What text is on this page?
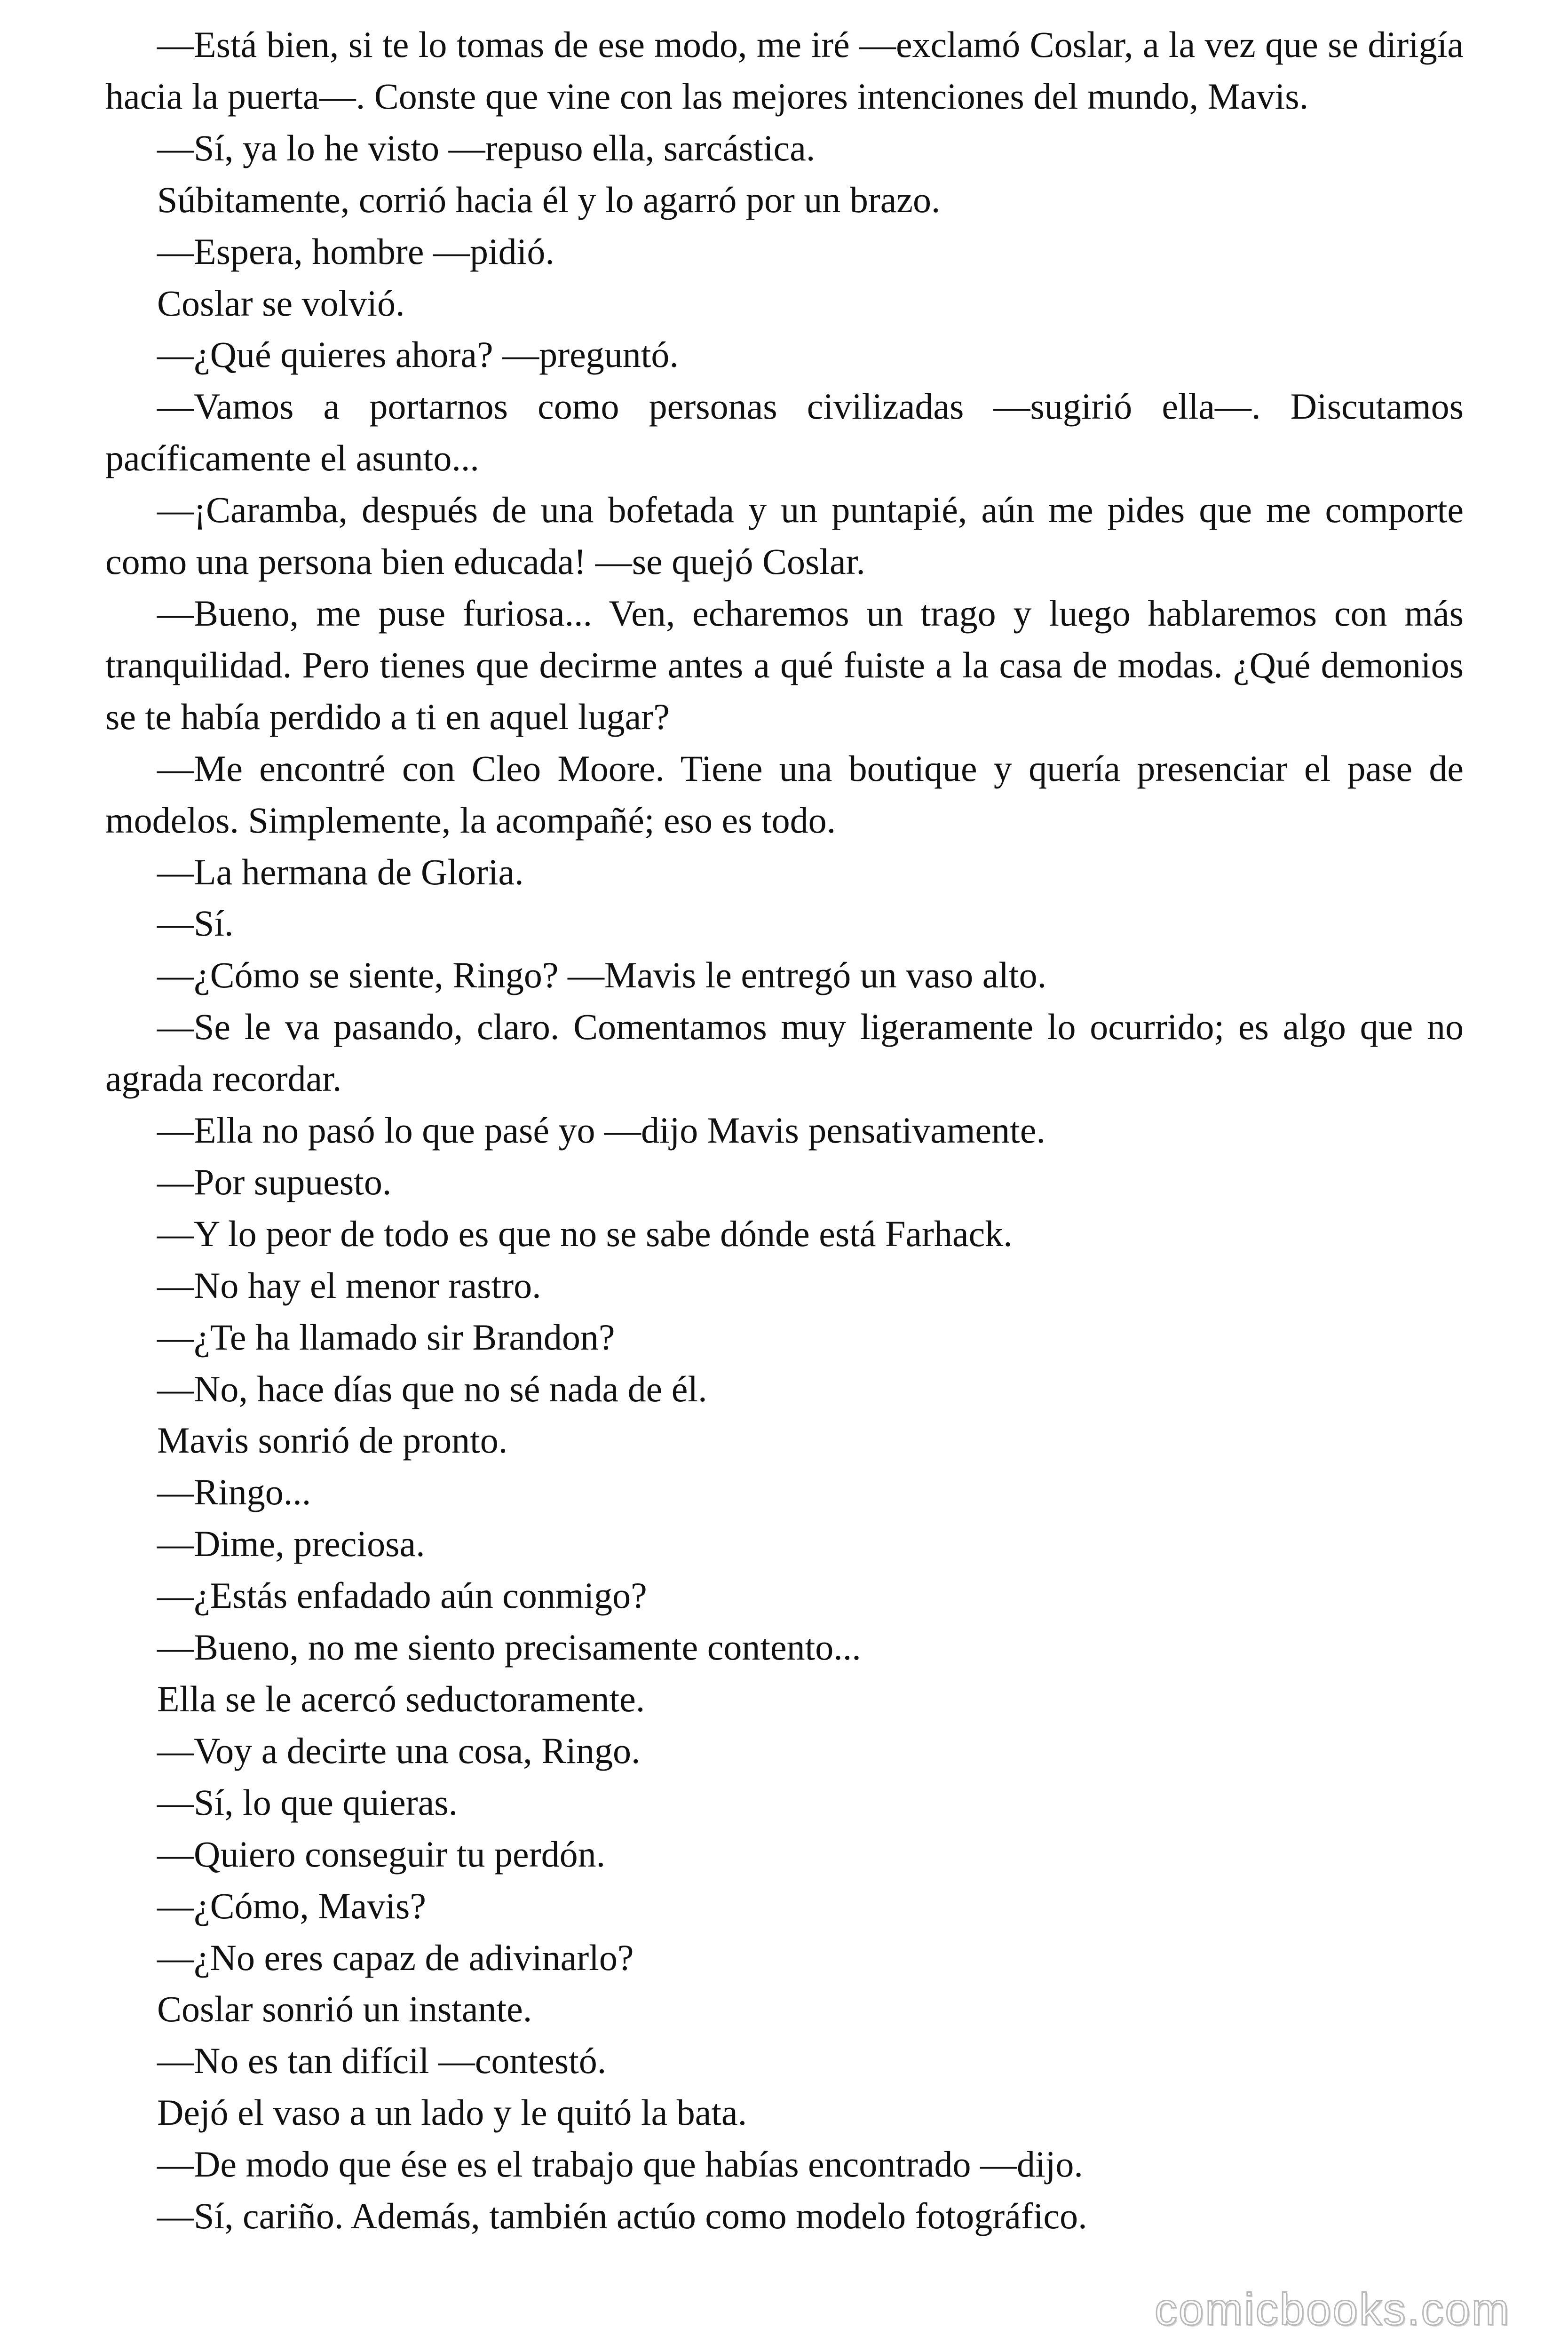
—Está bien, si te lo tomas de ese modo, me iré —exclamó Coslar, a la vez que se dirigía hacia la puerta—. Conste que vine con las mejores intenciones del mundo, Mavis.

—Sí, ya lo he visto —repuso ella, sarcástica.

Súbitamente, corrió hacia él y lo agarró por un brazo.

—Espera, hombre —pidió.

Coslar se volvió.

—¿Qué quieres ahora? —preguntó.

—Vamos a portarnos como personas civilizadas —sugirió ella—. Discutamos pacíficamente el asunto...

—¡Caramba, después de una bofetada y un puntapié, aún me pides que me comporte como una persona bien educada! —se quejó Coslar.

—Bueno, me puse furiosa... Ven, echaremos un trago y luego hablaremos con más tranquilidad. Pero tienes que decirme antes a qué fuiste a la casa de modas. ¿Qué demonios se te había perdido a ti en aquel lugar?

—Me encontré con Cleo Moore. Tiene una boutique y quería presenciar el pase de modelos. Simplemente, la acompañé; eso es todo.

—La hermana de Gloria.

—Sí.

—¿Cómo se siente, Ringo? —Mavis le entregó un vaso alto.

—Se le va pasando, claro. Comentamos muy ligeramente lo ocurrido; es algo que no agrada recordar.

—Ella no pasó lo que pasé yo —dijo Mavis pensativamente.

—Por supuesto.

—Y lo peor de todo es que no se sabe dónde está Farhack.

—No hay el menor rastro.

—¿Te ha llamado sir Brandon?

—No, hace días que no sé nada de él.

Mavis sonrió de pronto.

—Ringo...

—Dime, preciosa.

—¿Estás enfadado aún conmigo?

—Bueno, no me siento precisamente contento...

Ella se le acercó seductoramente.

—Voy a decirte una cosa, Ringo.

—Sí, lo que quieras.

—Quiero conseguir tu perdón.

—¿Cómo, Mavis?

—¿No eres capaz de adivinarlo?

Coslar sonrió un instante.

—No es tan difícil —contestó.

Dejó el vaso a un lado y le quitó la bata.

—De modo que ése es el trabajo que habías encontrado —dijo.

—Sí, cariño. Además, también actúo como modelo fotográfico.

comicbooks.com
